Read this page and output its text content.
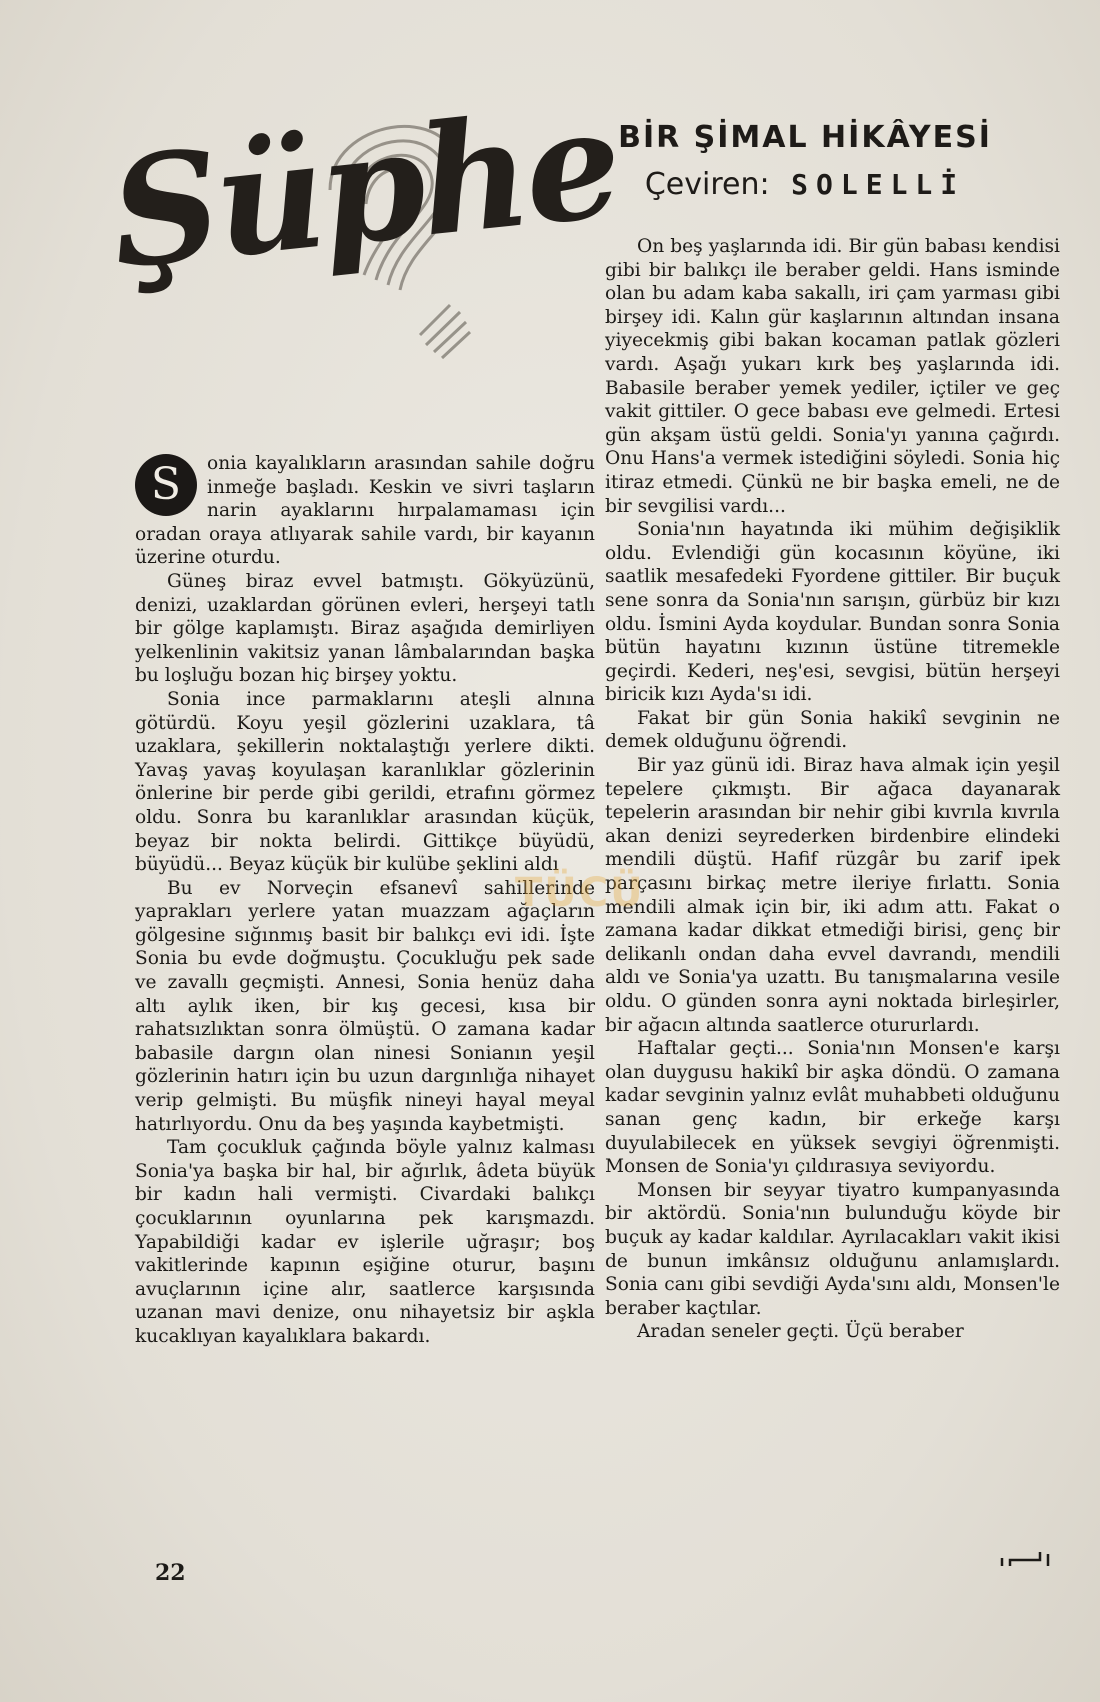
Şüphe
BİR ŞİMAL HİKÂYESİ
Çeviren: SOLELLİ

S	onia kayalıkların arasından sahile doğru inmeğe başladı. Keskin ve sivri taşların narin ayaklarını hırpalamaması için oradan oraya atlıyarak sahile vardı, bir kayanın üzerine oturdu.

Güneş biraz evvel batmıştı. Gökyüzünü, denizi, uzaklardan görünen evleri, herşeyi tatlı bir gölge kaplamıştı. Biraz aşağıda demirliyen yelkenlinin vakitsiz yanan lâmbalarından başka bu loşluğu bozan hiç birşey yoktu.

Sonia ince parmaklarını ateşli alnına götürdü. Koyu yeşil gözlerini uzaklara, tâ uzaklara, şekillerin noktalaştığı yerlere dikti. Yavaş yavaş koyulaşan karanlıklar gözlerinin önlerine bir perde gibi gerildi, etrafını görmez oldu. Sonra bu karanlıklar arasından küçük, beyaz bir nokta belirdi. Gittikçe büyüdü, büyüdü... Beyaz küçük bir kulübe şeklini aldı

Bu ev Norveçin efsanevî sahillerinde yaprakları yerlere yatan muazzam ağaçların gölgesine sığınmış basit bir balıkçı evi idi. İşte Sonia bu evde doğmuştu. Çocukluğu pek sade ve zavallı geçmişti. Annesi, Sonia henüz daha altı aylık iken, bir kış gecesi, kısa bir rahatsızlıktan sonra ölmüştü. O zamana kadar babasile dargın olan ninesi Sonianın yeşil gözlerinin hatırı için bu uzun dargınlığa nihayet verip gelmişti. Bu müşfik nineyi hayal meyal hatırlıyordu. Onu da beş yaşında kaybetmişti.

Tam çocukluk çağında böyle yalnız kalması Sonia'ya başka bir hal, bir ağırlık, âdeta büyük bir kadın hali vermişti. Civardaki balıkçı çocuklarının oyunlarına pek karışmazdı. Yapabildiği kadar ev işlerile uğraşır; boş vakitlerinde kapının eşiğine oturur, başını avuçlarının içine alır, saatlerce karşısında uzanan mavi denize, onu nihayetsiz bir aşkla kucaklıyan kayalıklara bakardı.

On beş yaşlarında idi. Bir gün babası kendisi gibi bir balıkçı ile beraber geldi. Hans isminde olan bu adam kaba sakallı, iri çam yarması gibi birşey idi. Kalın gür kaşlarının altından insana yiyecekmiş gibi bakan kocaman patlak gözleri vardı. Aşağı yukarı kırk beş yaşlarında idi. Babasile beraber yemek yediler, içtiler ve geç vakit gittiler. O gece babası eve gelmedi. Ertesi gün akşam üstü geldi. Sonia'yı yanına çağırdı. Onu Hans'a vermek istediğini söyledi. Sonia hiç itiraz etmedi. Çünkü ne bir başka emeli, ne de bir sevgilisi vardı...

Sonia'nın hayatında iki mühim değişiklik oldu. Evlendiği gün kocasının köyüne, iki saatlik mesafedeki Fyordene gittiler. Bir buçuk sene sonra da Sonia'nın sarışın, gürbüz bir kızı oldu. İsmini Ayda koydular. Bundan sonra Sonia bütün hayatını kızının üstüne titremekle geçirdi. Kederi, neş'esi, sevgisi, bütün herşeyi biricik kızı Ayda'sı idi.

Fakat bir gün Sonia hakikî sevginin ne demek olduğunu öğrendi.

Bir yaz günü idi. Biraz hava almak için yeşil tepelere çıkmıştı. Bir ağaca dayanarak tepelerin arasından bir nehir gibi kıvrıla kıvrıla akan denizi seyrederken birdenbire elindeki mendili düştü. Hafif rüzgâr bu zarif ipek parçasını birkaç metre ileriye fırlattı. Sonia mendili almak için bir, iki adım attı. Fakat o zamana kadar dikkat etmediği birisi, genç bir delikanlı ondan daha evvel davrandı, mendili aldı ve Sonia'ya uzattı. Bu tanışmalarına vesile oldu. O günden sonra ayni noktada birleşirler, bir ağacın altında saatlerce otururlardı.

Haftalar geçti... Sonia'nın Monsen'e karşı olan duygusu hakikî bir aşka döndü. O zamana kadar sevginin yalnız evlât muhabbeti olduğunu sanan genç kadın, bir erkeğe karşı duyulabilecek en yüksek sevgiyi öğrenmişti. Monsen de Sonia'yı çıldırasıya seviyordu.

Monsen bir seyyar tiyatro kumpanyasında bir aktördü. Sonia'nın bulunduğu köyde bir buçuk ay kadar kaldılar. Ayrılacakları vakit ikisi de bunun imkânsız olduğunu anlamışlardı. Sonia canı gibi sevdiği Ayda'sını aldı, Monsen'le beraber kaçtılar.

Aradan seneler geçti. Üçü beraber

TÜCÜ
22
